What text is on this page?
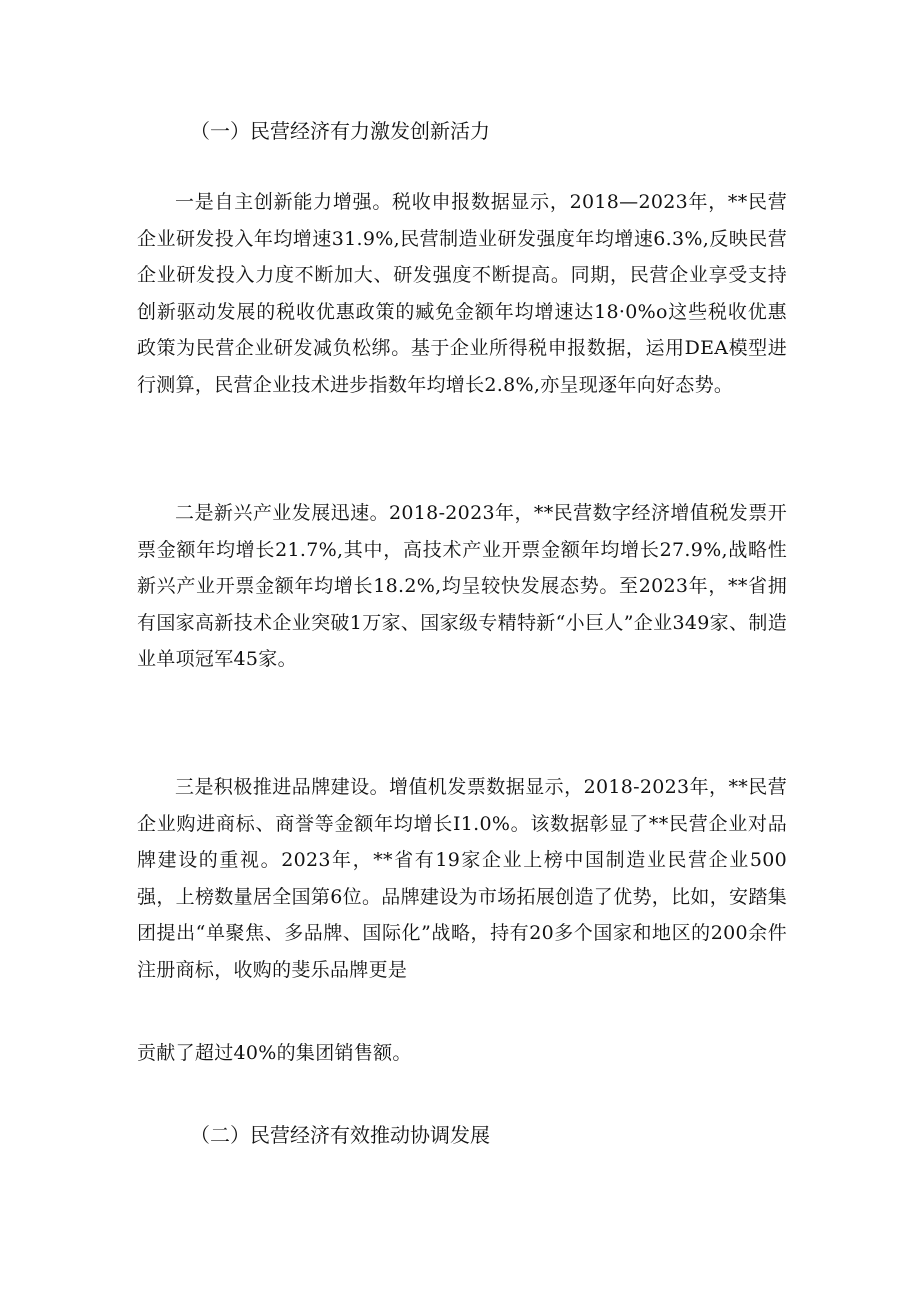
（一）民营经济有力激发创新活力

一是自主创新能力增强。税收申报数据显示，2018—2023年，**民营企业研发投入年均增速31.9%,民营制造业研发强度年均增速6.3%,反映民营企业研发投入力度不断加大、研发强度不断提高。同期，民营企业享受支持创新驱动发展的税收优惠政策的臧免金额年均增速达18·0%o这些税收优惠政策为民营企业研发减负松绑。基于企业所得税申报数据，运用DEA模型进行测算，民营企业技术进步指数年均增长2.8%,亦呈现逐年向好态势。

二是新兴产业发展迅速。2018-2023年，**民营数字经济增值税发票开票金额年均增长21.7%,其中，高技术产业开票金额年均增长27.9%,战略性新兴产业开票金额年均增长18.2%,均呈较快发展态势。至2023年，**省拥有国家高新技术企业突破1万家、国家级专精特新“小巨人”企业349家、制造业单项冠军45家。

三是积极推进品牌建设。增值机发票数据显示，2018-2023年，**民营企业购进商标、商誉等金额年均增长I1.0%。该数据彰显了**民营企业对品牌建设的重视。2023年，**省有19家企业上榜中国制造业民营企业500强，上榜数量居全国第6位。品牌建设为市场拓展创造了优势，比如，安踏集团提出“单聚焦、多品牌、国际化”战略，持有20多个国家和地区的200余件注册商标，收购的斐乐品牌更是

贡献了超过40%的集团销售额。

（二）民营经济有效推动协调发展
